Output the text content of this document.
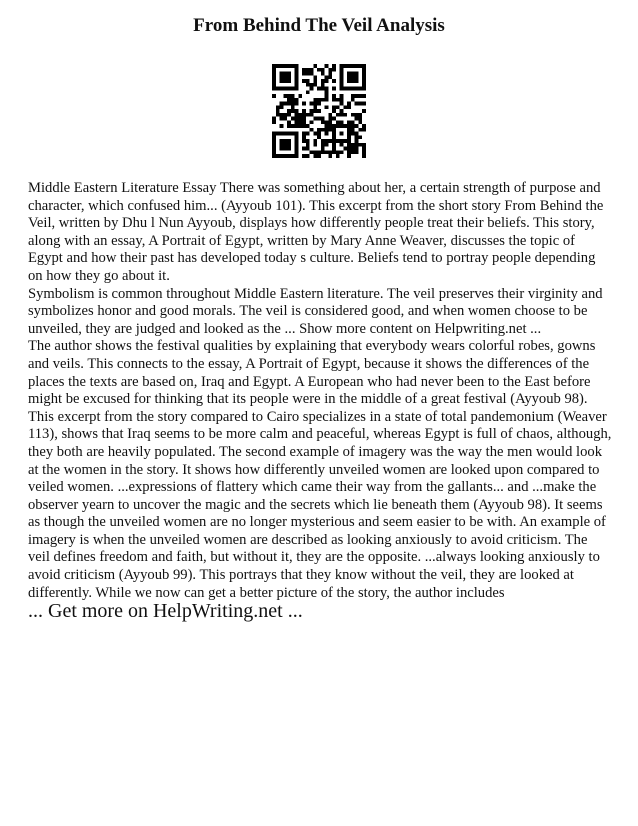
From Behind The Veil Analysis

Middle Eastern Literature Essay There was something about her, a certain strength of purpose and character, which confused him... (Ayyoub 101). This excerpt from the short story From Behind the Veil, written by Dhu l Nun Ayyoub, displays how differently people treat their beliefs. This story, along with an essay, A Portrait of Egypt, written by Mary Anne Weaver, discusses the topic of Egypt and how their past has developed today s culture. Beliefs tend to portray people depending on how they go about it.

Symbolism is common throughout Middle Eastern literature. The veil preserves their virginity and symbolizes honor and good morals. The veil is considered good, and when women choose to be unveiled, they are judged and looked as the ... Show more content on Helpwriting.net ...

The author shows the festival qualities by explaining that everybody wears colorful robes, gowns and veils. This connects to the essay, A Portrait of Egypt, because it shows the differences of the places the texts are based on, Iraq and Egypt. A European who had never been to the East before might be excused for thinking that its people were in the middle of a great festival (Ayyoub 98). This excerpt from the story compared to Cairo specializes in a state of total pandemonium (Weaver 113), shows that Iraq seems to be more calm and peaceful, whereas Egypt is full of chaos, although, they both are heavily populated. The second example of imagery was the way the men would look at the women in the story. It shows how differently unveiled women are looked upon compared to veiled women. ...expressions of flattery which came their way from the gallants... and ...make the observer yearn to uncover the magic and the secrets which lie beneath them (Ayyoub 98). It seems as though the unveiled women are no longer mysterious and seem easier to be with. An example of imagery is when the unveiled women are described as looking anxiously to avoid criticism. The veil defines freedom and faith, but without it, they are the opposite. ...always looking anxiously to avoid criticism (Ayyoub 99). This portrays that they know without the veil, they are looked at differently. While we now can get a better picture of the story, the author includes

... Get more on HelpWriting.net ...
